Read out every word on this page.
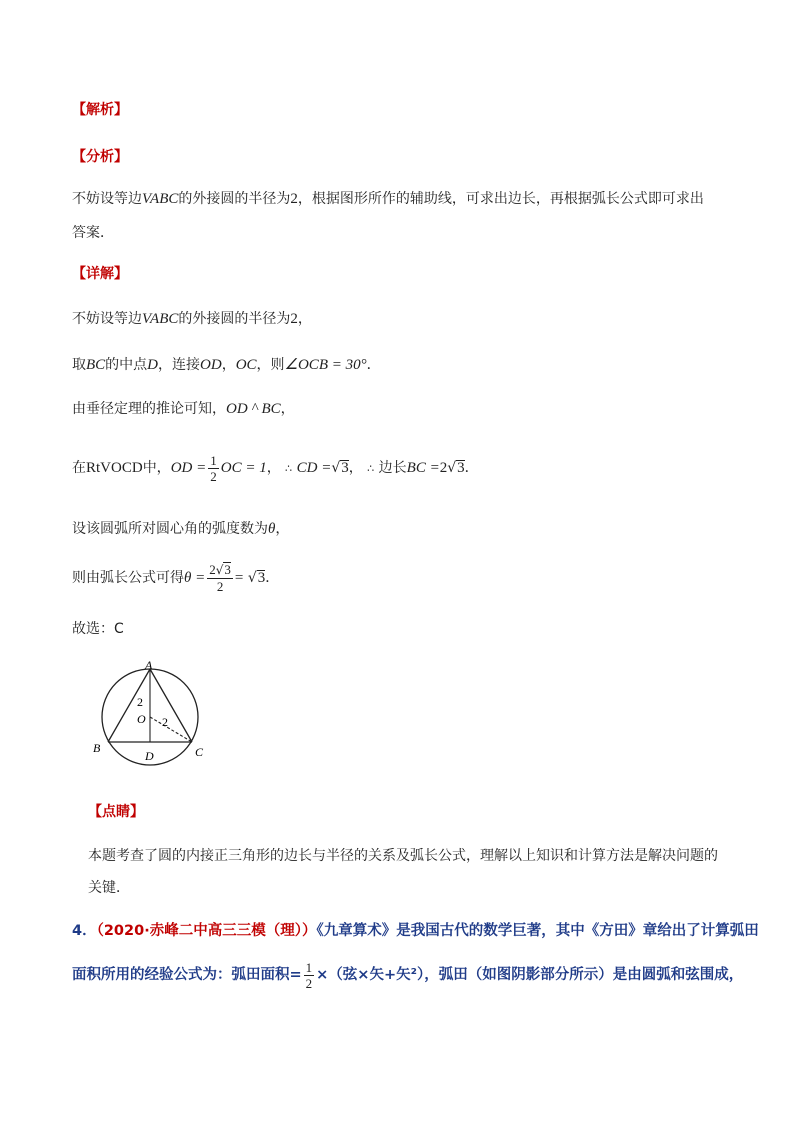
【解析】
【分析】
不妨设等边VABC的外接圆的半径为2，根据图形所作的辅助线，可求出边长，再根据弧长公式即可求出
答案．
【详解】
不妨设等边VABC的外接圆的半径为2，
取BC的中点D，连接OD，OC，则∠OCB = 30°．
由垂径定理的推论可知，OD ^ BC，
在RtVOCD中，OD = $\frac{1}{2}$ OC = 1， ∴ CD =√3， ∴ 边长BC =2√3．
设该圆弧所对圆心角的弧度数为θ，
则由弧长公式可得$\theta = \frac{2√3}{2} = √3$．
故选：C
A
B	C
D
O
2
2
【点睛】
本题考查了圆的内接正三角形的边长与半径的关系及弧长公式，理解以上知识和计算方法是解决问题的
关键．
4．（2020·赤峰二中高三三模（理））《九章算术》是我国古代的数学巨著，其中《方田》章给出了计算弧田
面积所用的经验公式为：弧田面积= $\frac{1}{2}$ ×（弦×矢+矢²），弧田（如图阴影部分所示）是由圆弧和弦围成，
